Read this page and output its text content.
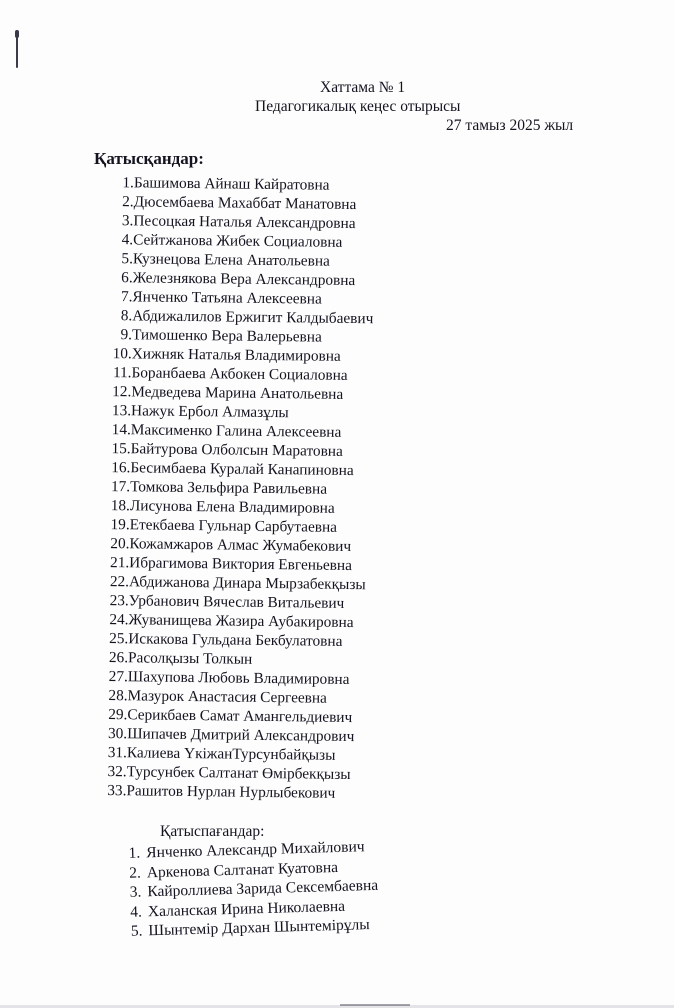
Хаттама № 1
Педагогикалық кеңес отырысы
27 тамыз 2025 жыл
Қатысқандар:
1.Башимова Айнаш Кайратовна
2.Дюсембаева Махаббат Манатовна
3.Песоцкая Наталья Александровна
4.Сейтжанова Жибек Социаловна
5.Кузнецова Елена Анатольевна
6.Железнякова Вера Александровна
7.Янченко Татьяна Алексеевна
8.Абдижалилов Ержигит Калдыбаевич
9.Тимошенко Вера Валерьевна
10.Хижняк Наталья Владимировна
11.Боранбаева Акбокен Социаловна
12.Медведева Марина Анатольевна
13.Нажук Ербол Алмазұлы
14.Максименко Галина Алексеевна
15.Байтурова Олболсын Маратовна
16.Бесимбаева Куралай Канапиновна
17.Томкова Зельфира Равильевна
18.Лисунова Елена Владимировна
19.Етекбаева Гульнар Сарбутаевна
20.Кожамжаров Алмас Жумабекович
21.Ибрагимова Виктория Евгеньевна
22.Абдижанова Динара Мырзабекқызы
23.Урбанович Вячеслав Витальевич
24.Жуванищева Жазира Аубакировна
25.Искакова Гульдана Бекбулатовна
26.Расолқызы Толкын
27.Шахупова Любовь Владимировна
28.Мазурок Анастасия Сергеевна
29.Серикбаев Самат Амангельдиевич
30.Шипачев Дмитрий Александрович
31.Калиева ҮкіжанТурсунбайқызы
32.Турсунбек Салтанат Өмірбекқызы
33.Рашитов Нурлан Нурлыбекович
Қатыспағандар:
1. Янченко Александр Михайлович
2. Аркенова Салтанат Куатовна
3. Кайроллиева Зарида Сексембаевна
4. Халанская Ирина Николаевна
5. Шынтемір Дархан Шынтемірұлы
